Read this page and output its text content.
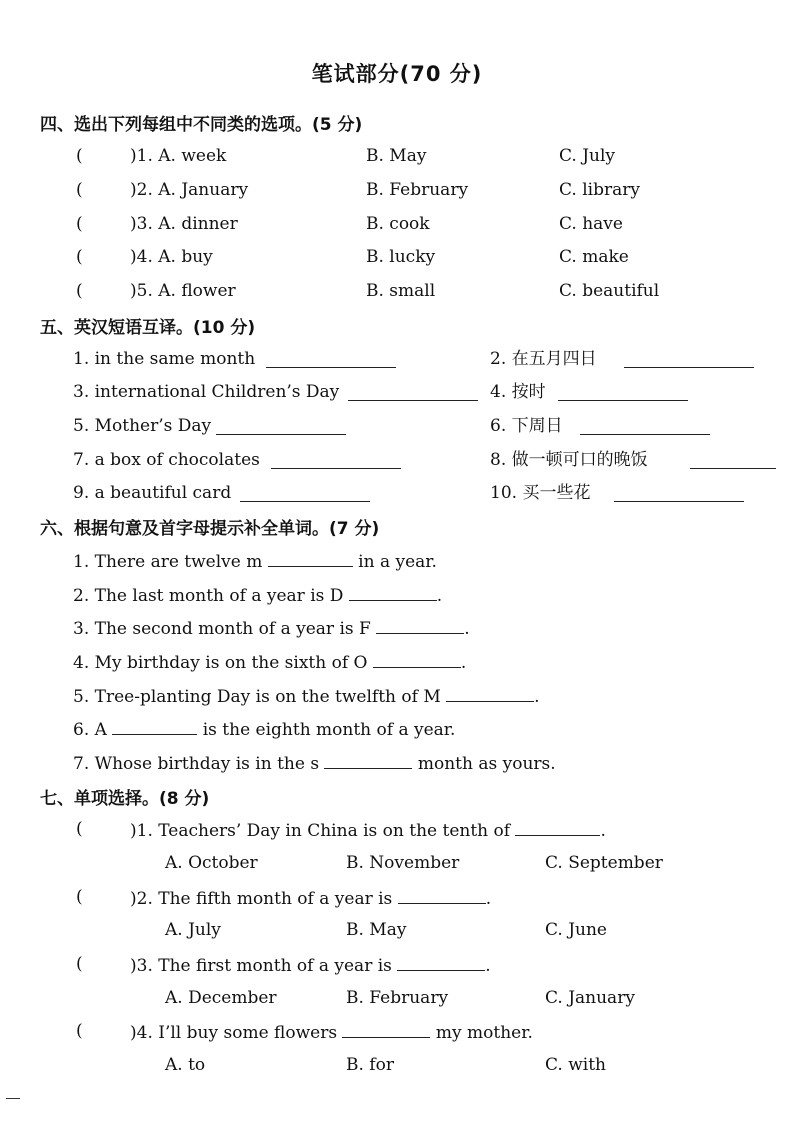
笔试部分(70 分)
四、选出下列每组中不同类的选项。(5 分)
(	)1. A. week	B. May	C. July
(	)2. A. January	B. February	C. library
(	)3. A. dinner	B. cook	C. have
(	)4. A. buy	B. lucky	C. make
(	)5. A. flower	B. small	C. beautiful
五、英汉短语互译。(10 分)
1. in the same month	2. 在五月四日
3. international Children’s Day	4. 按时
5. Mother’s Day	6. 下周日
7. a box of chocolates	8. 做一顿可口的晚饭
9. a beautiful card	10. 买一些花
六、根据句意及首字母提示补全单词。(7 分)
1. There are twelve m	in a year.
2. The last month of a year is D	.
3. The second month of a year is F	.
4. My birthday is on the sixth of O	.
5. Tree-planting Day is on the twelfth of M	.
6. A	is the eighth month of a year.
7. Whose birthday is in the s	month as yours.
七、单项选择。(8 分)
(	)1. Teachers’ Day in China is on the tenth of	.
A. October	B. November	C. September
(	)2. The fifth month of a year is	.
A. July	B. May	C. June
(	)3. The first month of a year is	.
A. December	B. February	C. January
(	)4. I’ll buy some flowers	my mother.
A. to	B. for	C. with
